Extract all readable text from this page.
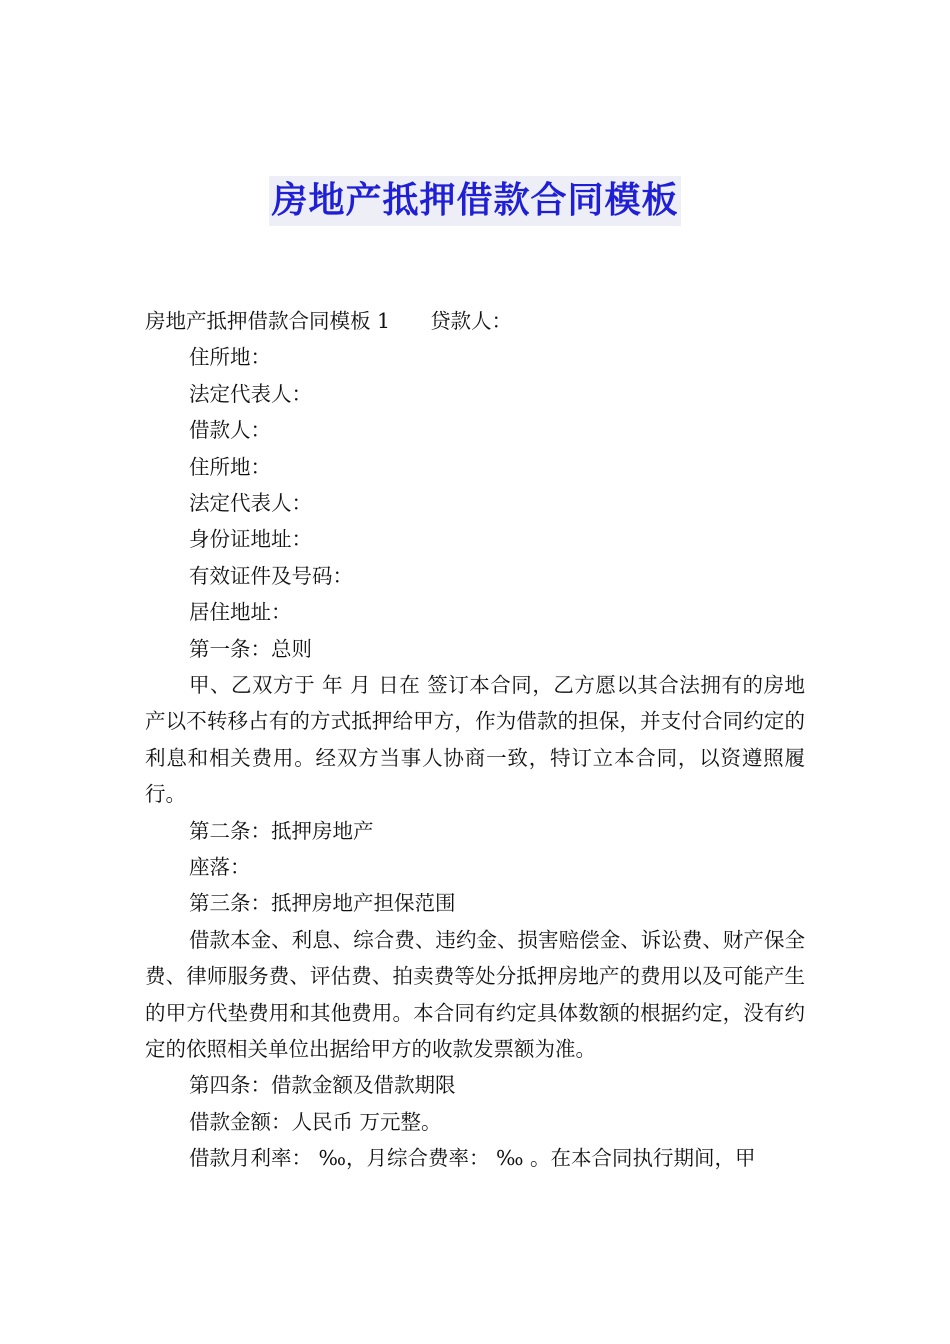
房地产抵押借款合同模板
房地产抵押借款合同模板 1 贷款人：
住所地：
法定代表人：
借款人：
住所地：
法定代表人：
身份证地址：
有效证件及号码：
居住地址：
第一条：总则
甲、乙双方于 年 月 日在 签订本合同，乙方愿以其合法拥有的房地产以不转移占有的方式抵押给甲方，作为借款的担保，并支付合同约定的利息和相关费用。经双方当事人协商一致，特订立本合同，以资遵照履行。
第二条：抵押房地产
座落：
第三条：抵押房地产担保范围
借款本金、利息、综合费、违约金、损害赔偿金、诉讼费、财产保全费、律师服务费、评估费、拍卖费等处分抵押房地产的费用以及可能产生的甲方代垫费用和其他费用。本合同有约定具体数额的根据约定，没有约定的依照相关单位出据给甲方的收款发票额为准。
第四条：借款金额及借款期限
借款金额：人民币 万元整。
借款月利率： ‰，月综合费率： ‰ 。在本合同执行期间，甲
